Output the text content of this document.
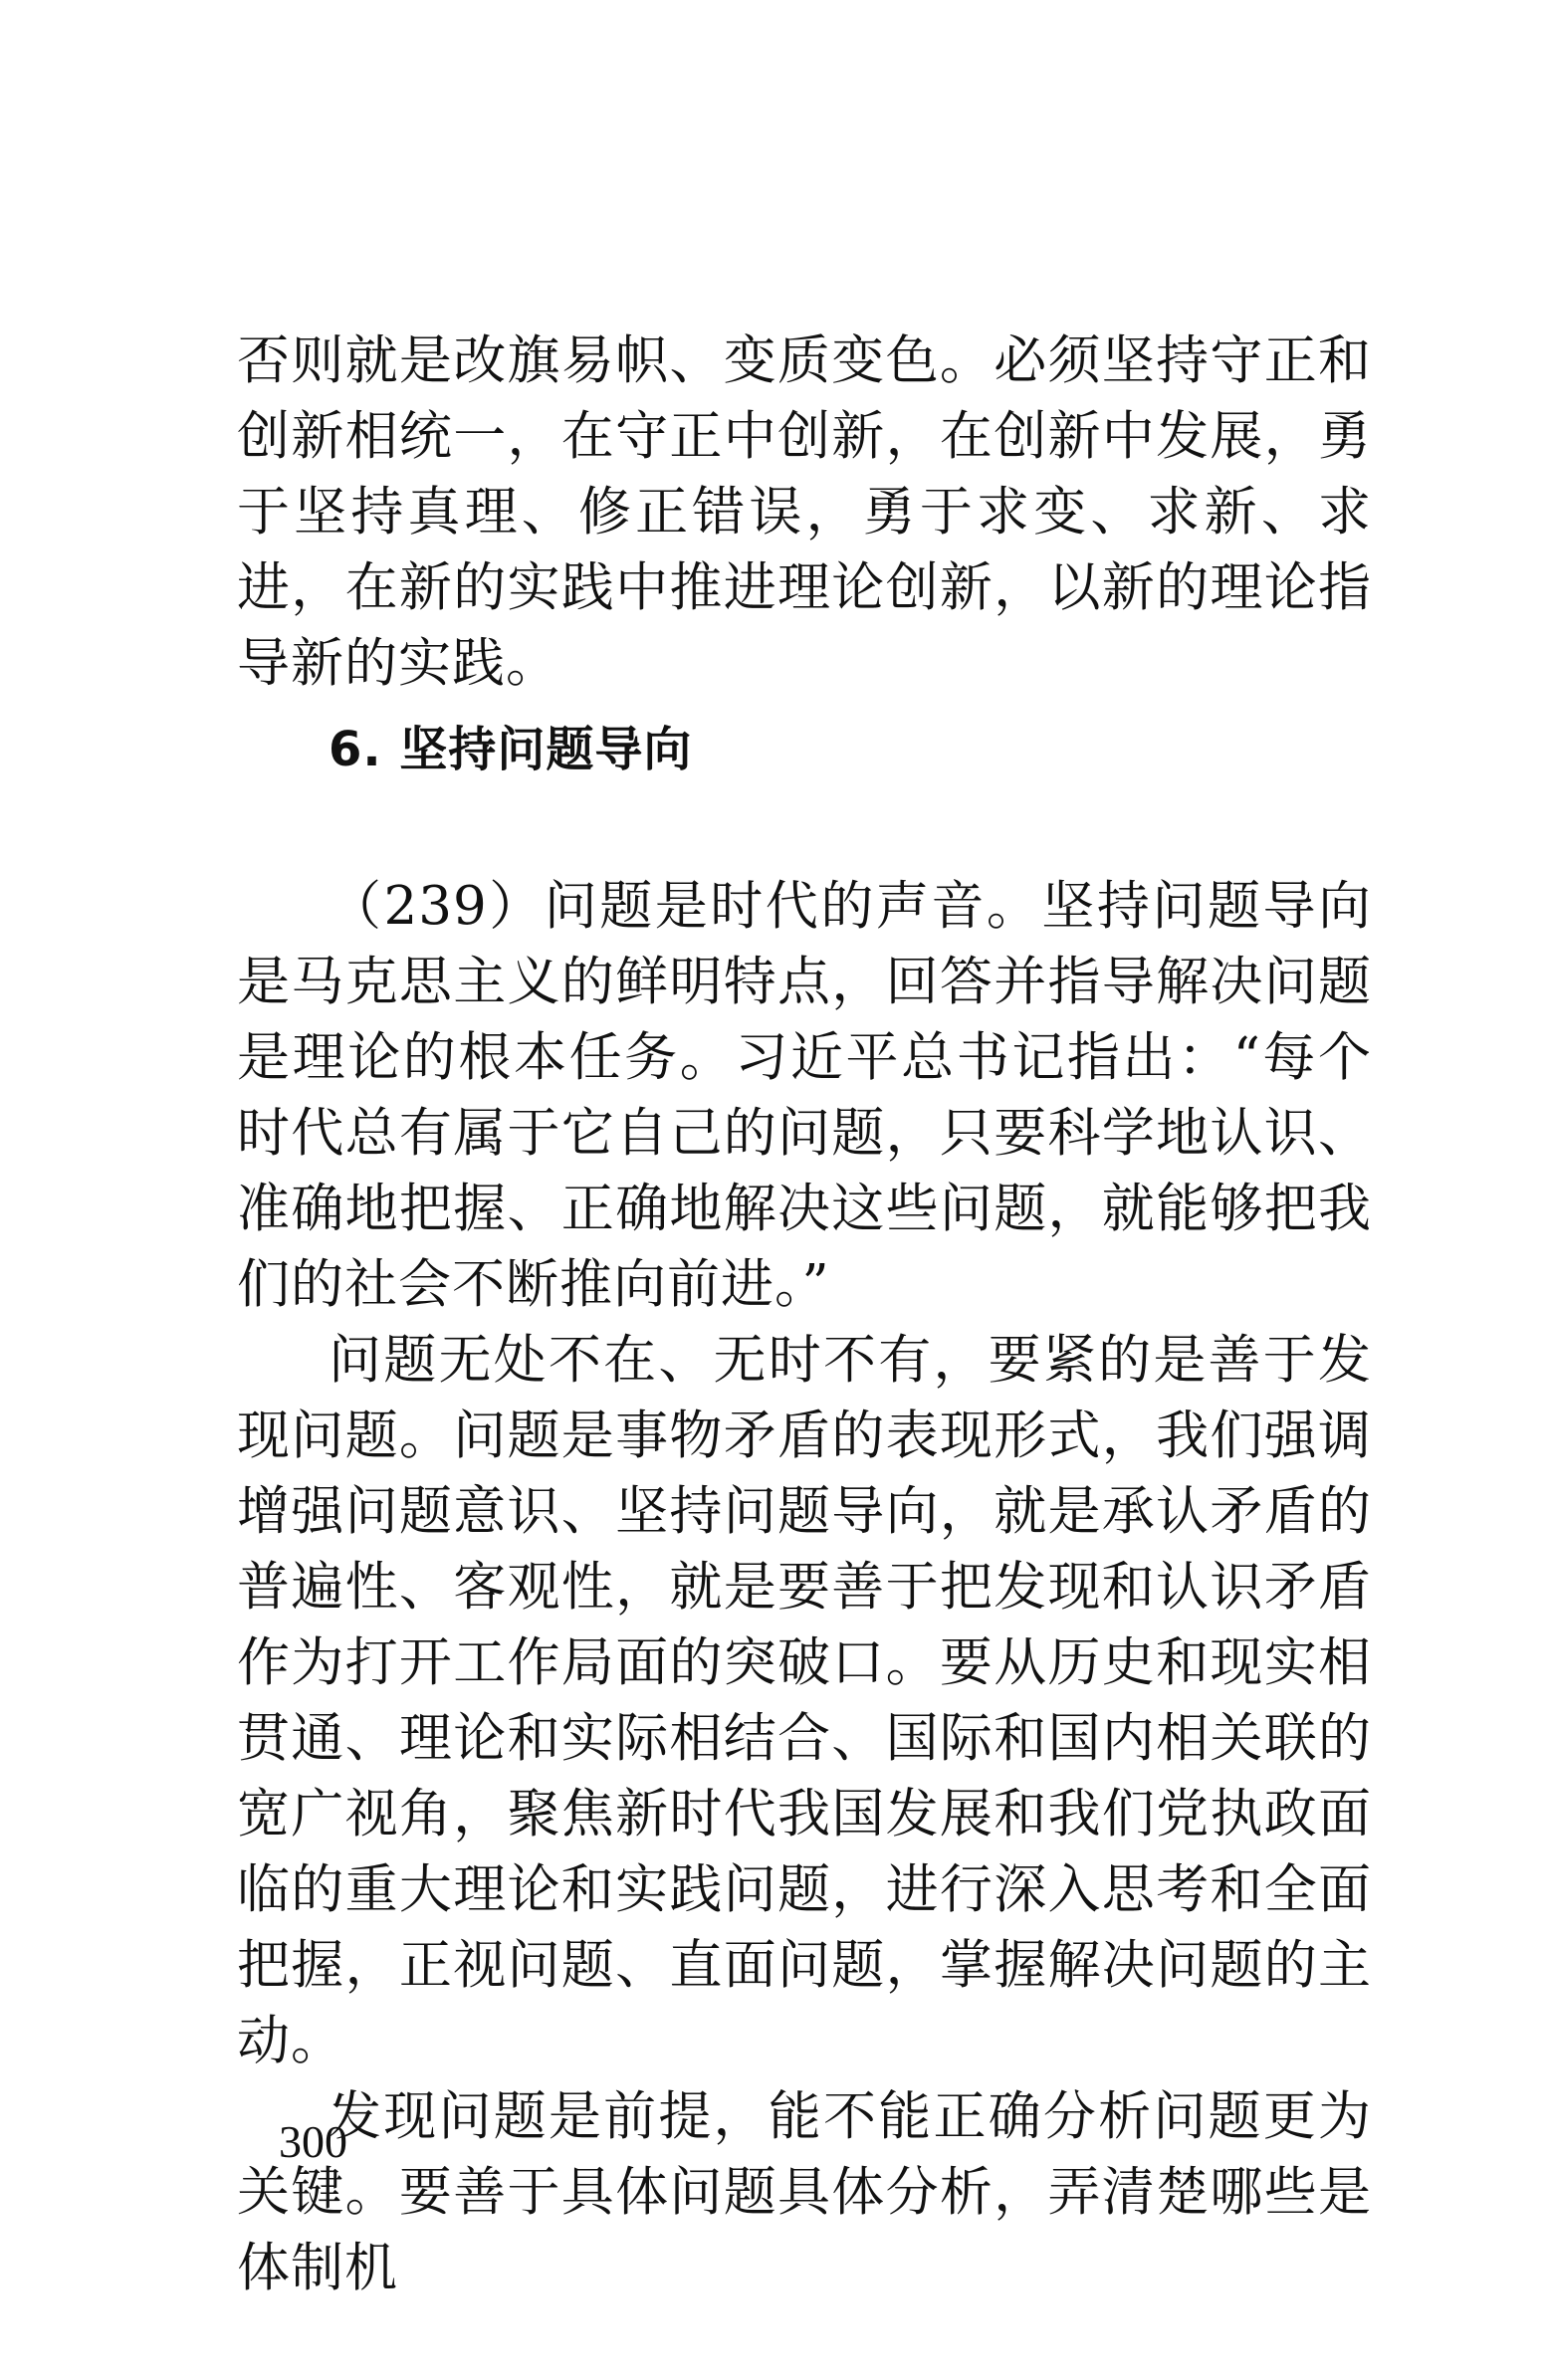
否则就是改旗易帜、变质变色。必须坚持守正和创新相统一，在守正中创新，在创新中发展，勇于坚持真理、修正错误，勇于求变、求新、求进，在新的实践中推进理论创新，以新的理论指导新的实践。

6. 坚持问题导向

（239）问题是时代的声音。坚持问题导向是马克思主义的鲜明特点，回答并指导解决问题是理论的根本任务。习近平总书记指出：“每个时代总有属于它自己的问题，只要科学地认识、准确地把握、正确地解决这些问题，就能够把我们的社会不断推向前进。”

问题无处不在、无时不有，要紧的是善于发现问题。问题是事物矛盾的表现形式，我们强调增强问题意识、坚持问题导向，就是承认矛盾的普遍性、客观性，就是要善于把发现和认识矛盾作为打开工作局面的突破口。要从历史和现实相贯通、理论和实际相结合、国际和国内相关联的宽广视角，聚焦新时代我国发展和我们党执政面临的重大理论和实践问题，进行深入思考和全面把握，正视问题、直面问题，掌握解决问题的主动。

发现问题是前提，能不能正确分析问题更为关键。要善于具体问题具体分析，弄清楚哪些是体制机

300
